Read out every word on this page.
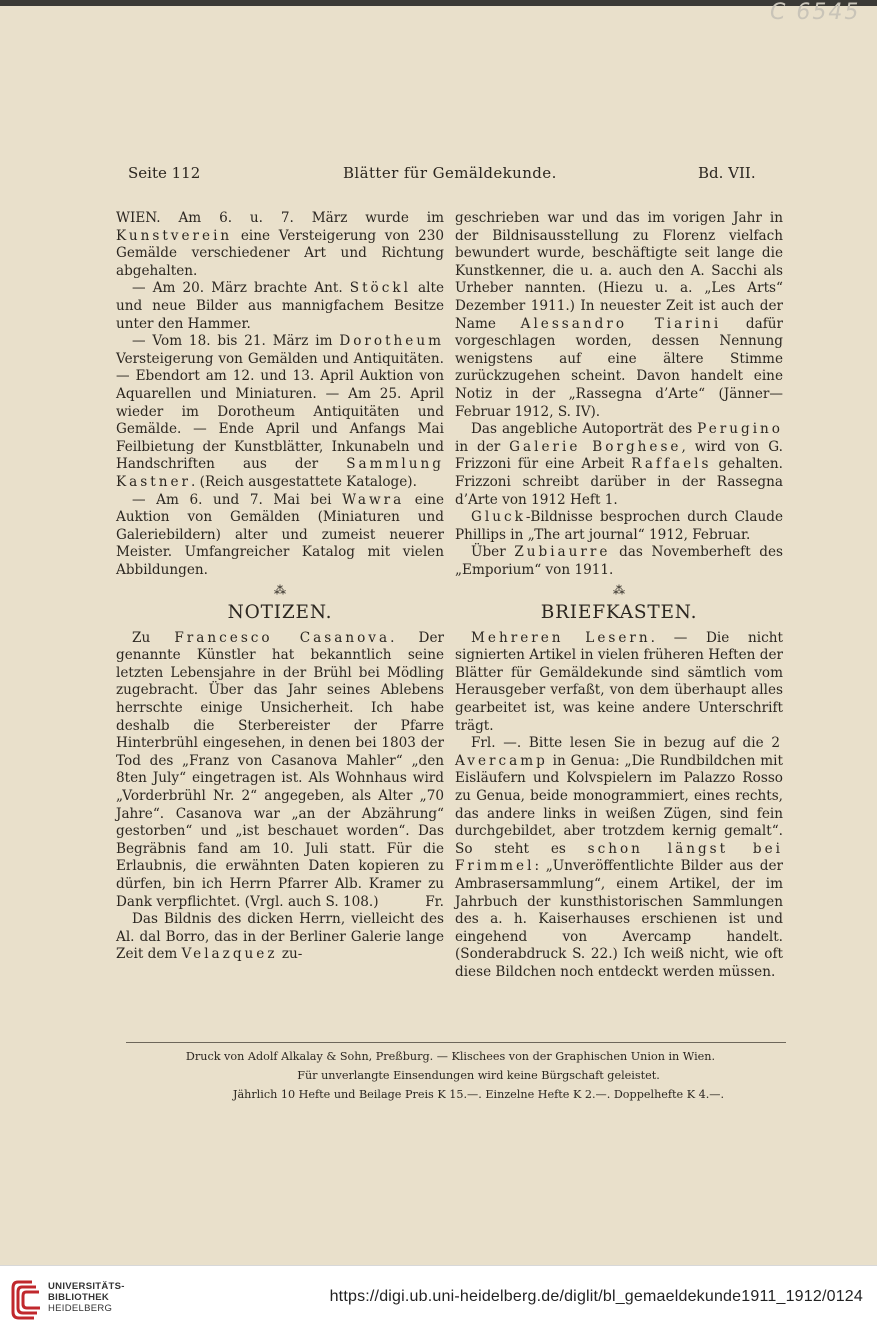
C 6545
Seite 112	Blätter für Gemäldekunde.	Bd. VII.

WIEN. Am 6. u. 7. März wurde im Kunstverein eine Versteigerung von 230 Gemälde verschiedener Art und Richtung abgehalten.

— Am 20. März brachte Ant. Stöckl alte und neue Bilder aus mannigfachem Besitze unter den Hammer.

— Vom 18. bis 21. März im Dorotheum Versteigerung von Gemälden und Antiquitäten. — Ebendort am 12. und 13. April Auktion von Aquarellen und Miniaturen. — Am 25. April wieder im Dorotheum Antiquitäten und Gemälde. — Ende April und Anfangs Mai Feilbietung der Kunstblätter, Inkunabeln und Handschriften aus der Sammlung Kastner. (Reich ausgestattete Kataloge).

— Am 6. und 7. Mai bei Wawra eine Auktion von Gemälden (Miniaturen und Galeriebildern) alter und zumeist neuerer Meister. Umfangreicher Katalog mit vielen Abbildungen.

⁂
NOTIZEN.

Zu Francesco Casanova. Der genannte Künstler hat bekanntlich seine letzten Lebensjahre in der Brühl bei Mödling zugebracht. Über das Jahr seines Ablebens herrschte einige Unsicherheit. Ich habe deshalb die Sterbereister der Pfarre Hinterbrühl eingesehen, in denen bei 1803 der Tod des „Franz von Casanova Mahler“ „den 8ten July“ eingetragen ist. Als Wohnhaus wird „Vorderbrühl Nr. 2“ angegeben, als Alter „70 Jahre“. Casanova war „an der Abzährung“ gestorben“ und „ist beschauet worden“. Das Begräbnis fand am 10. Juli statt. Für die Erlaubnis, die erwähnten Daten kopieren zu dürfen, bin ich Herrn Pfarrer Alb. Kramer zu Dank verpflichtet. (Vrgl. auch S. 108.)	Fr.

Das Bildnis des dicken Herrn, vielleicht des Al. dal Borro, das in der Berliner Galerie lange Zeit dem Velazquez zu-

geschrieben war und das im vorigen Jahr in der Bildnisausstellung zu Florenz vielfach bewundert wurde, beschäftigte seit lange die Kunstkenner, die u. a. auch den A. Sacchi als Urheber nannten. (Hiezu u. a. „Les Arts“ Dezember 1911.) In neuester Zeit ist auch der Name Alessandro Tiarini dafür vorgeschlagen worden, dessen Nennung wenigstens auf eine ältere Stimme zurückzugehen scheint. Davon handelt eine Notiz in der „Rassegna d’Arte“ (Jänner—Februar 1912, S. IV).

Das angebliche Autoporträt des Perugino in der Galerie Borghese, wird von G. Frizzoni für eine Arbeit Raffaels gehalten. Frizzoni schreibt darüber in der Rassegna d’Arte von 1912 Heft 1.

Gluck-Bildnisse besprochen durch Claude Phillips in „The art journal“ 1912, Februar.

Über Zubiaurre das Novemberheft des „Emporium“ von 1911.

⁂
BRIEFKASTEN.

Mehreren Lesern. — Die nicht signierten Artikel in vielen früheren Heften der Blätter für Gemäldekunde sind sämtlich vom Herausgeber verfaßt, von dem überhaupt alles gearbeitet ist, was keine andere Unterschrift trägt.

Frl. —. Bitte lesen Sie in bezug auf die 2 Avercamp in Genua: „Die Rundbildchen mit Eisläufern und Kolvspielern im Palazzo Rosso zu Genua, beide monogrammiert, eines rechts, das andere links in weißen Zügen, sind fein durchgebildet, aber trotzdem kernig gemalt“. So steht es schon längst bei Frimmel: „Unveröffentlichte Bilder aus der Ambrasersammlung“, einem Artikel, der im Jahrbuch der kunsthistorischen Sammlungen des a. h. Kaiserhauses erschienen ist und eingehend von Avercamp handelt. (Sonderabdruck S. 22.) Ich weiß nicht, wie oft diese Bildchen noch entdeckt werden müssen.

Druck von Adolf Alkalay & Sohn, Preßburg. — Klischees von der Graphischen Union in Wien.
Für unverlangte Einsendungen wird keine Bürgschaft geleistet.
Jährlich 10 Hefte und Beilage Preis K 15.—. Einzelne Hefte K 2.—. Doppelhefte K 4.—.
UNIVERSITÄTS-
BIBLIOTHEK
HEIDELBERG
https://digi.ub.uni-heidelberg.de/diglit/bl_gemaeldekunde1911_1912/0124
